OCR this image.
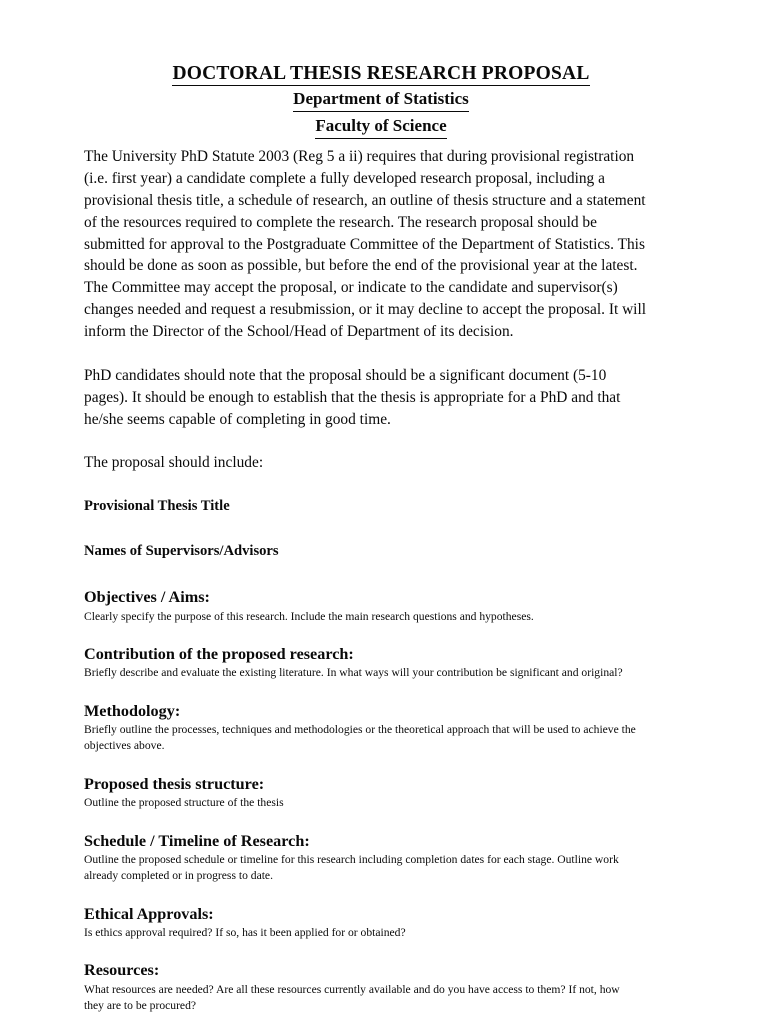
DOCTORAL THESIS RESEARCH PROPOSAL
Department of Statistics
Faculty of Science

The University PhD Statute 2003 (Reg 5 a ii) requires that during provisional registration (i.e. first year) a candidate complete a fully developed research proposal, including a provisional thesis title, a schedule of research, an outline of thesis structure and a statement of the resources required to complete the research. The research proposal should be submitted for approval to the Postgraduate Committee of the Department of Statistics. This should be done as soon as possible, but before the end of the provisional year at the latest. The Committee may accept the proposal, or indicate to the candidate and supervisor(s) changes needed and request a resubmission, or it may decline to accept the proposal. It will inform the Director of the School/Head of Department of its decision.

PhD candidates should note that the proposal should be a significant document (5-10 pages). It should be enough to establish that the thesis is appropriate for a PhD and that he/she seems capable of completing in good time.

The proposal should include:

Provisional Thesis Title
Names of Supervisors/Advisors
Objectives / Aims:

Clearly specify the purpose of this research. Include the main research questions and hypotheses.

Contribution of the proposed research:

Briefly describe and evaluate the existing literature. In what ways will your contribution be significant and original?

Methodology:

Briefly outline the processes, techniques and methodologies or the theoretical approach that will be used to achieve the objectives above.

Proposed thesis structure:

Outline the proposed structure of the thesis

Schedule / Timeline of Research:

Outline the proposed schedule or timeline for this research including completion dates for each stage. Outline work already completed or in progress to date.

Ethical Approvals:

Is ethics approval required? If so, has it been applied for or obtained?

Resources:

What resources are needed? Are all these resources currently available and do you have access to them? If not, how they are to be procured?
